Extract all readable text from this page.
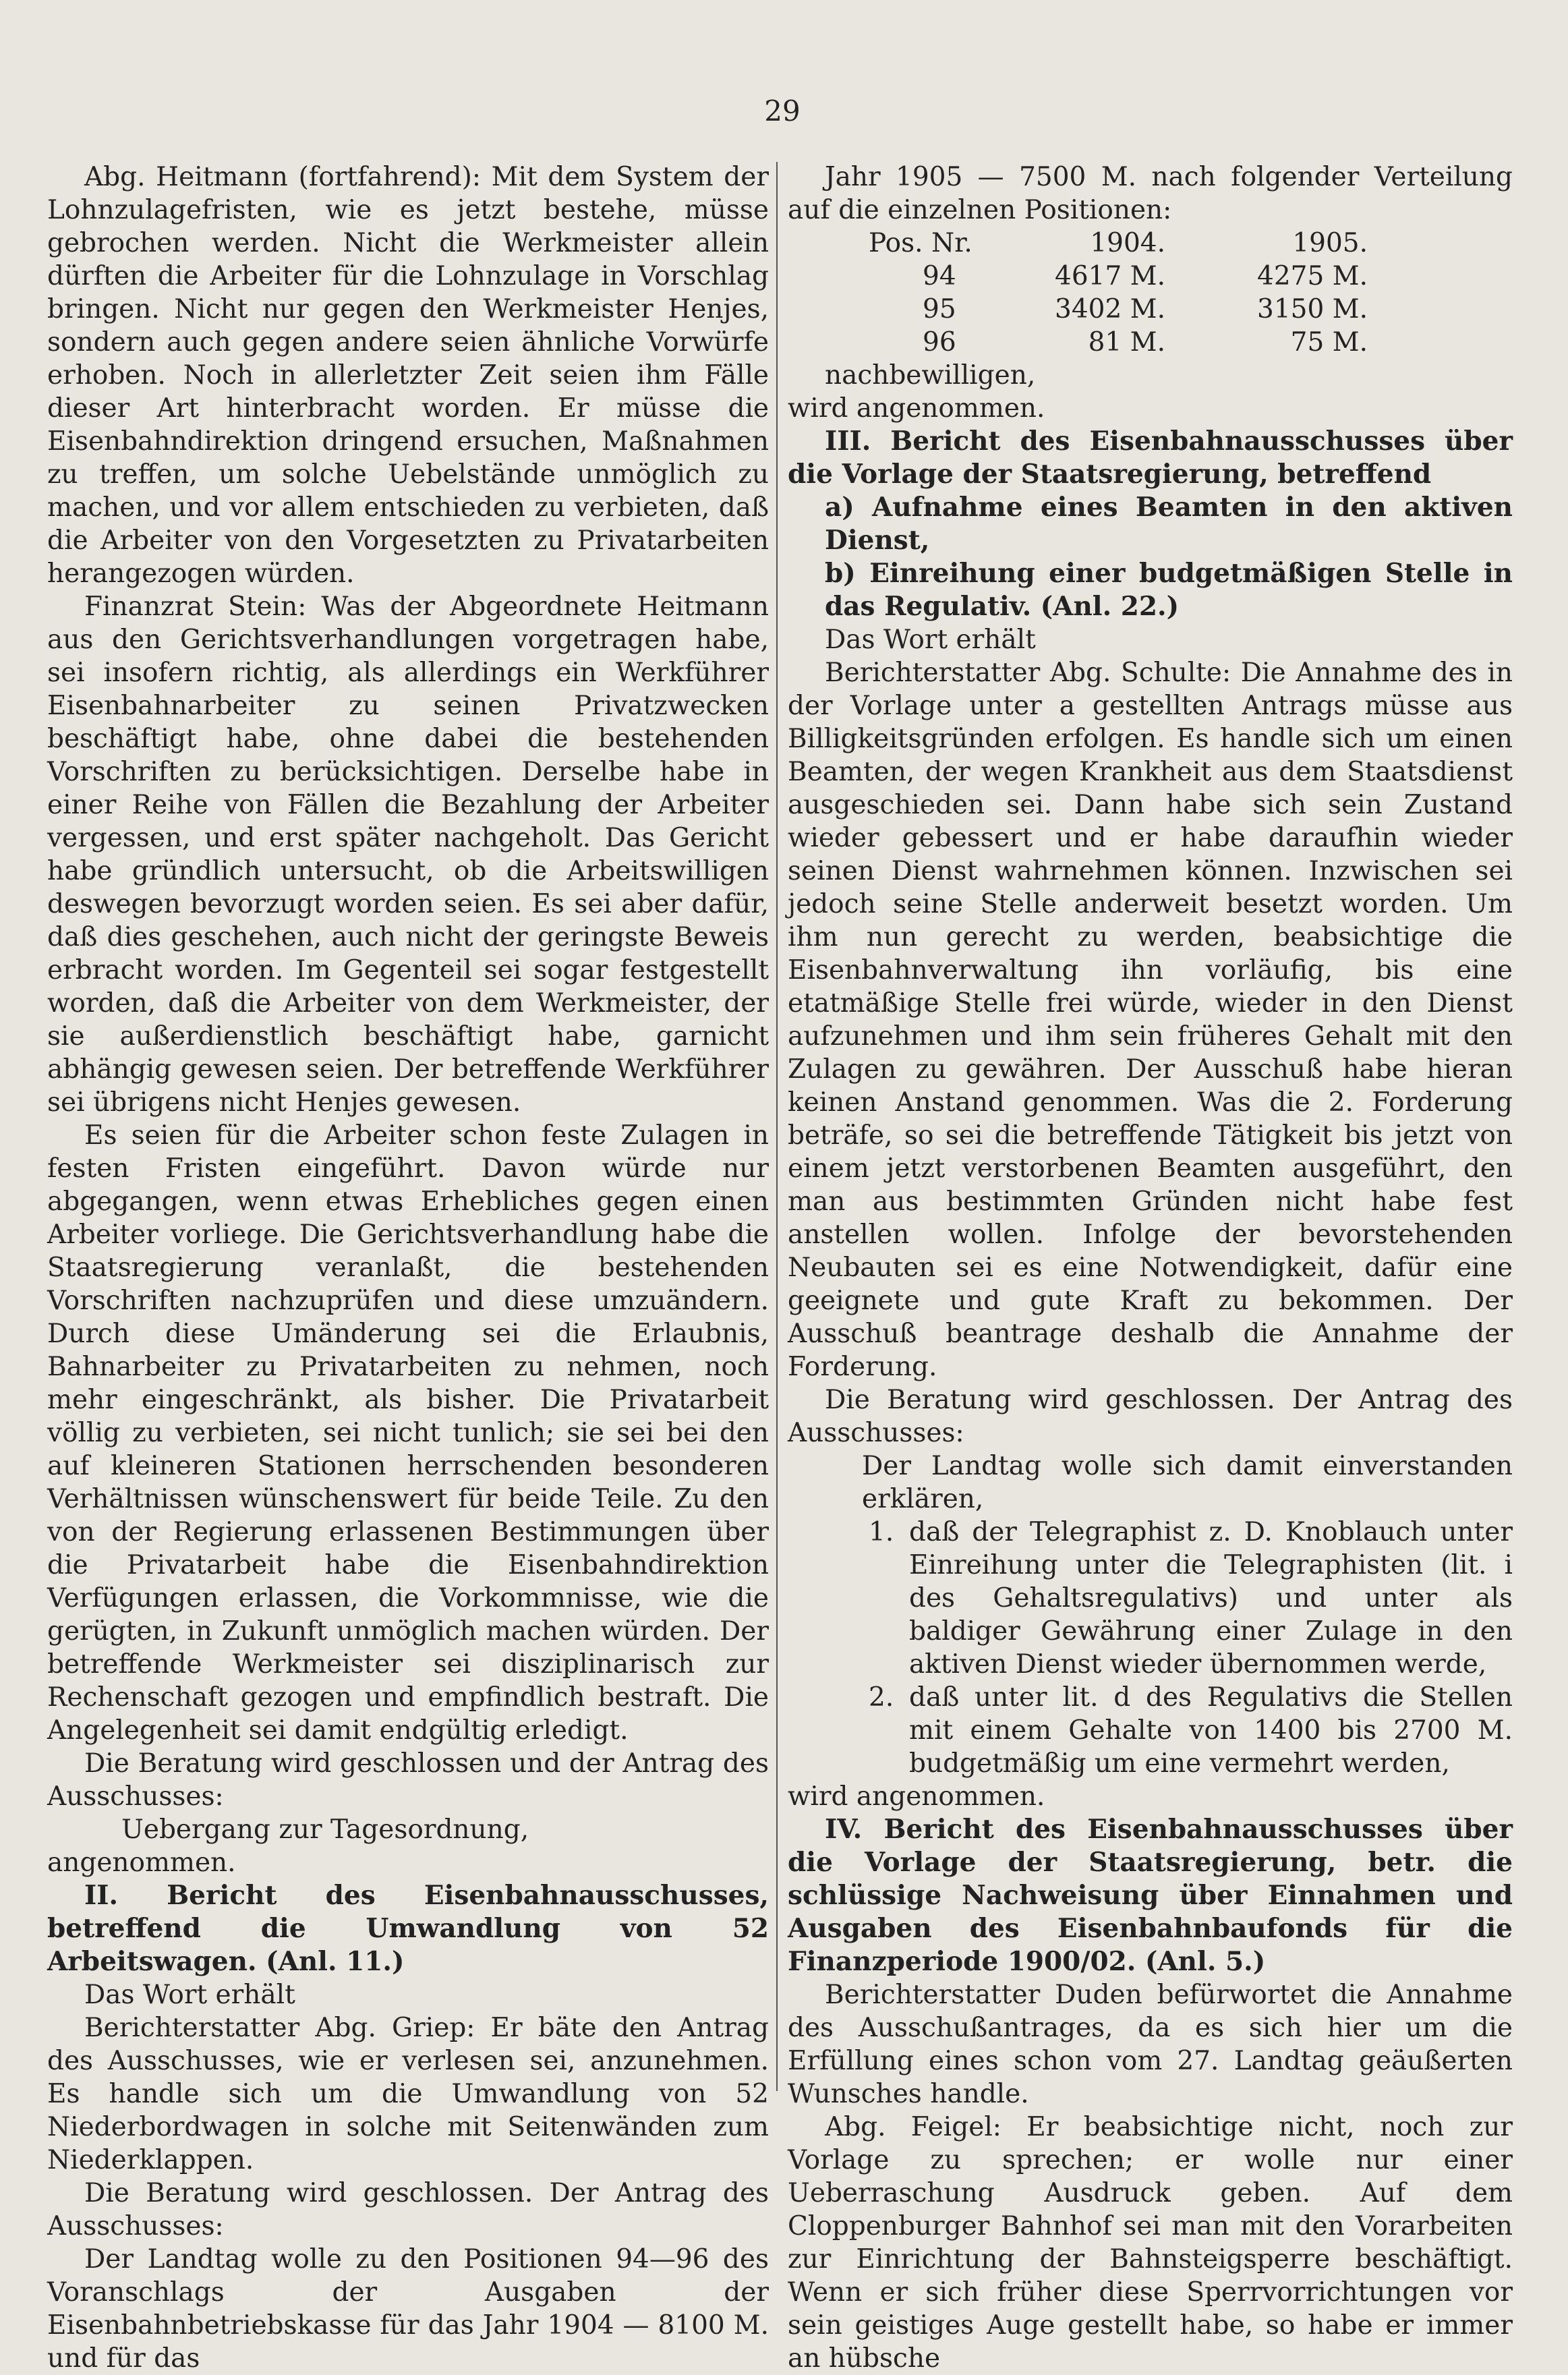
29

Abg. Heitmann (fortfahrend): Mit dem System der Lohnzulagefristen, wie es jetzt bestehe, müsse gebrochen werden. Nicht die Werkmeister allein dürften die Arbeiter für die Lohnzulage in Vorschlag bringen. Nicht nur gegen den Werkmeister Henjes, sondern auch gegen andere seien ähnliche Vorwürfe erhoben. Noch in allerletzter Zeit seien ihm Fälle dieser Art hinterbracht worden. Er müsse die Eisenbahndirektion dringend ersuchen, Maßnahmen zu treffen, um solche Uebelstände unmöglich zu machen, und vor allem entschieden zu verbieten, daß die Arbeiter von den Vorgesetzten zu Privatarbeiten herangezogen würden.

Finanzrat Stein: Was der Abgeordnete Heitmann aus den Gerichtsverhandlungen vorgetragen habe, sei insofern richtig, als allerdings ein Werkführer Eisenbahnarbeiter zu seinen Privatzwecken beschäftigt habe, ohne dabei die bestehenden Vorschriften zu berücksichtigen. Derselbe habe in einer Reihe von Fällen die Bezahlung der Arbeiter vergessen, und erst später nachgeholt. Das Gericht habe gründlich untersucht, ob die Arbeitswilligen deswegen bevorzugt worden seien. Es sei aber dafür, daß dies geschehen, auch nicht der geringste Beweis erbracht worden. Im Gegenteil sei sogar festgestellt worden, daß die Arbeiter von dem Werkmeister, der sie außerdienstlich beschäftigt habe, garnicht abhängig gewesen seien. Der betreffende Werkführer sei übrigens nicht Henjes gewesen.

Es seien für die Arbeiter schon feste Zulagen in festen Fristen eingeführt. Davon würde nur abgegangen, wenn etwas Erhebliches gegen einen Arbeiter vorliege. Die Gerichtsverhandlung habe die Staatsregierung veranlaßt, die bestehenden Vorschriften nachzuprüfen und diese umzuändern. Durch diese Umänderung sei die Erlaubnis, Bahnarbeiter zu Privatarbeiten zu nehmen, noch mehr eingeschränkt, als bisher. Die Privatarbeit völlig zu verbieten, sei nicht tunlich; sie sei bei den auf kleineren Stationen herrschenden besonderen Verhältnissen wünschenswert für beide Teile. Zu den von der Regierung erlassenen Bestimmungen über die Privatarbeit habe die Eisenbahndirektion Verfügungen erlassen, die Vorkommnisse, wie die gerügten, in Zukunft unmöglich machen würden. Der betreffende Werkmeister sei disziplinarisch zur Rechenschaft gezogen und empfindlich bestraft. Die Angelegenheit sei damit endgültig erledigt.

Die Beratung wird geschlossen und der Antrag des Ausschusses:

Uebergang zur Tagesordnung,

angenommen.

II. Bericht des Eisenbahnausschusses, betreffend die Umwandlung von 52 Arbeitswagen. (Anl. 11.)

Das Wort erhält

Berichterstatter Abg. Griep: Er bäte den Antrag des Ausschusses, wie er verlesen sei, anzunehmen. Es handle sich um die Umwandlung von 52 Niederbordwagen in solche mit Seitenwänden zum Niederklappen.

Die Beratung wird geschlossen. Der Antrag des Ausschusses:

Der Landtag wolle zu den Positionen 94—96 des Voranschlags der Ausgaben der Eisenbahnbetriebskasse für das Jahr 1904 — 8100 M. und für das

Jahr 1905 — 7500 M. nach folgender Verteilung auf die einzelnen Positionen:

Pos. Nr.	1904.	1905.
94	4617 M.	4275 M.
95	3402 M.	3150 M.
96	81 M.	75 M.

nachbewilligen,

wird angenommen.

III. Bericht des Eisenbahnausschusses über die Vorlage der Staatsregierung, betreffend

a) Aufnahme eines Beamten in den aktiven Dienst,

b) Einreihung einer budgetmäßigen Stelle in das Regulativ. (Anl. 22.)

Das Wort erhält

Berichterstatter Abg. Schulte: Die Annahme des in der Vorlage unter a gestellten Antrags müsse aus Billigkeitsgründen erfolgen. Es handle sich um einen Beamten, der wegen Krankheit aus dem Staatsdienst ausgeschieden sei. Dann habe sich sein Zustand wieder gebessert und er habe daraufhin wieder seinen Dienst wahrnehmen können. Inzwischen sei jedoch seine Stelle anderweit besetzt worden. Um ihm nun gerecht zu werden, beabsichtige die Eisenbahnverwaltung ihn vorläufig, bis eine etatmäßige Stelle frei würde, wieder in den Dienst aufzunehmen und ihm sein früheres Gehalt mit den Zulagen zu gewähren. Der Ausschuß habe hieran keinen Anstand genommen. Was die 2. Forderung beträfe, so sei die betreffende Tätigkeit bis jetzt von einem jetzt verstorbenen Beamten ausgeführt, den man aus bestimmten Gründen nicht habe fest anstellen wollen. Infolge der bevorstehenden Neubauten sei es eine Notwendigkeit, dafür eine geeignete und gute Kraft zu bekommen. Der Ausschuß beantrage deshalb die Annahme der Forderung.

Die Beratung wird geschlossen. Der Antrag des Ausschusses:

Der Landtag wolle sich damit einverstanden erklären,

1. daß der Telegraphist z. D. Knoblauch unter Einreihung unter die Telegraphisten (lit. i des Gehaltsregulativs) und unter als baldiger Gewährung einer Zulage in den aktiven Dienst wieder übernommen werde,
2. daß unter lit. d des Regulativs die Stellen mit einem Gehalte von 1400 bis 2700 M. budgetmäßig um eine vermehrt werden,

wird angenommen.

IV. Bericht des Eisenbahnausschusses über die Vorlage der Staatsregierung, betr. die schlüssige Nachweisung über Einnahmen und Ausgaben des Eisenbahnbaufonds für die Finanzperiode 1900/02. (Anl. 5.)

Berichterstatter Duden befürwortet die Annahme des Ausschußantrages, da es sich hier um die Erfüllung eines schon vom 27. Landtag geäußerten Wunsches handle.

Abg. Feigel: Er beabsichtige nicht, noch zur Vorlage zu sprechen; er wolle nur einer Ueberraschung Ausdruck geben. Auf dem Cloppenburger Bahnhof sei man mit den Vorarbeiten zur Einrichtung der Bahnsteigsperre beschäftigt. Wenn er sich früher diese Sperrvorrichtungen vor sein geistiges Auge gestellt habe, so habe er immer an hübsche
